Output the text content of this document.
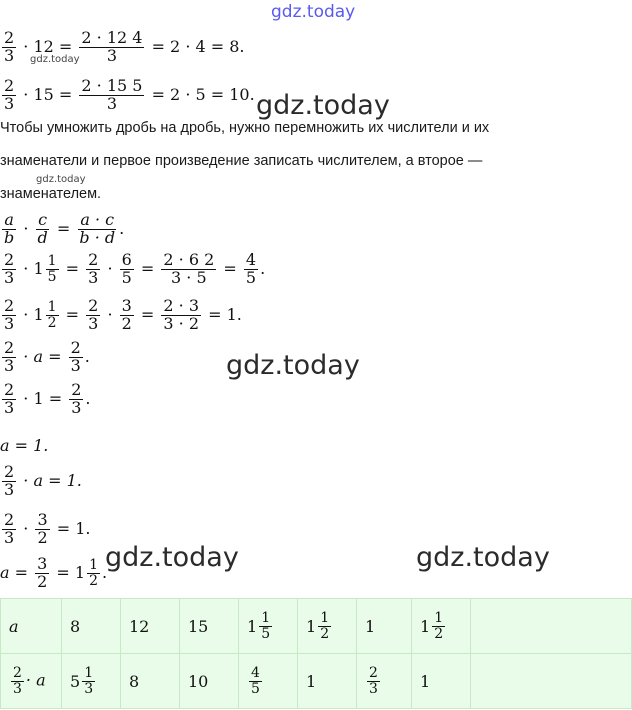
gdz.today
gdz.today
gdz.today
gdz.today
gdz.today
gdz.today	gdz.today
$\frac{2}{3} \cdot 12 = \frac{2 \cdot 12 4}{3} = 2 \cdot 4 = 8$.
$\frac{2}{3} \cdot 15 = \frac{2 \cdot 15 5}{3} = 2 \cdot 5 = 10$.
Чтобы умножить дробь на дробь, нужно перемножить их числители и их
знаменатели и первое произведение записать числителем, а второе —
знаменателем.
$\frac{a}{b} \cdot \frac{c}{d} = \frac{a \cdot c}{b \cdot d}$ .
$\frac{2}{3} \cdot 1 \frac{1}{5} = \frac{2}{3} \cdot \frac{6}{5} = \frac{2 \cdot 6 2}{3 \cdot 5} = \frac{4}{5}$ .
$\frac{2}{3} \cdot 1 \frac{1}{2} = \frac{2}{3} \cdot \frac{3}{2} = \frac{2 \cdot 3}{3 \cdot 2} = 1$.
$\frac{2}{3} \cdot a = \frac{2}{3}$ .
$\frac{2}{3} \cdot 1 = \frac{2}{3}$ .
a = 1.
$\frac{2}{3} \cdot a = 1$.
$\frac{2}{3} \cdot \frac{3}{2} = 1$.
$a = \frac{3}{2} = 1 \frac{1}{2}$ .
a	8	12	15	$1 \frac{1}{5}$	$1 \frac{1}{2}$	1	$1 \frac{1}{2}$

$\frac{2}{3} \cdot a$	$5 \frac{1}{3}$	8	10	$\frac{4}{5}$	1	$\frac{2}{3}$	1	
